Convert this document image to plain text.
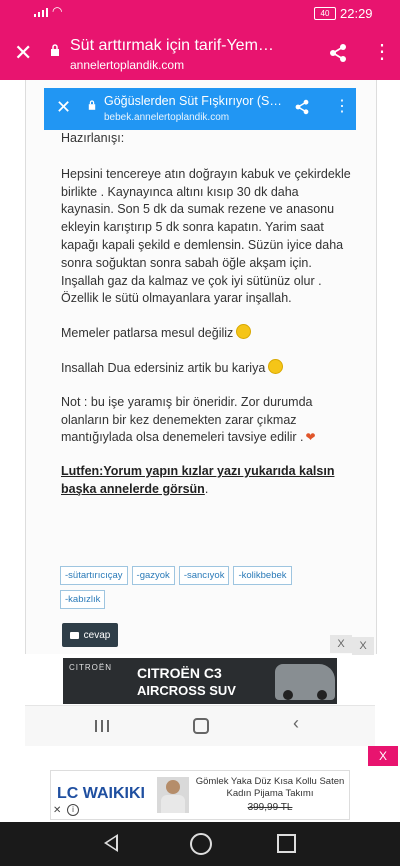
◠	40 22:29
✕ Süt arttırmak için tarif-Yem…
annelertoplandik.com
⋮
✕	Göğüslerden Süt Fışkırıyor (S…
bebek.annelertoplandik.com
⋮

Hazırlanışı:

Hepsini tencereye atın doğrayın kabuk ve çekirdekle birlikte . Kaynayınca altını kısıp 30 dk daha kaynasin. Son 5 dk da sumak rezene ve anasonu ekleyin karıştırıp 5 dk sonra kapatın. Yarim saat kapağı kapali şekild e demlensin. Süzün iyice daha sonra soğuktan sonra sabah öğle akşam için. Inşallah gaz da kalmaz ve çok iyi sütünüz olur . Özellik le sütü olmayanlara yarar inşallah.

Memeler patlarsa mesul değiliz

Insallah Dua edersiniz artik bu kariya

Not : bu işe yaramış bir öneridir. Zor durumda olanların bir kez denemekten zarar çıkmaz mantığıylada olsa denemeleri tavsiye edilir . ❤

Lutfen:Yorum yapın kızlar yazı yukarıda kalsın başka annelerde görsün.

-sütartırıcıçay	-gazyok	-sancıyok	-kolikbebek
-kabızlık
cevap
X	X
CITROËN CITROËN C3
AIRCROSS SUV
‹
X
LC WAIKIKI
Gömlek Yaka Düz Kısa Kollu Saten Kadın Pijama Takımı
399,99 TL
✕	i
